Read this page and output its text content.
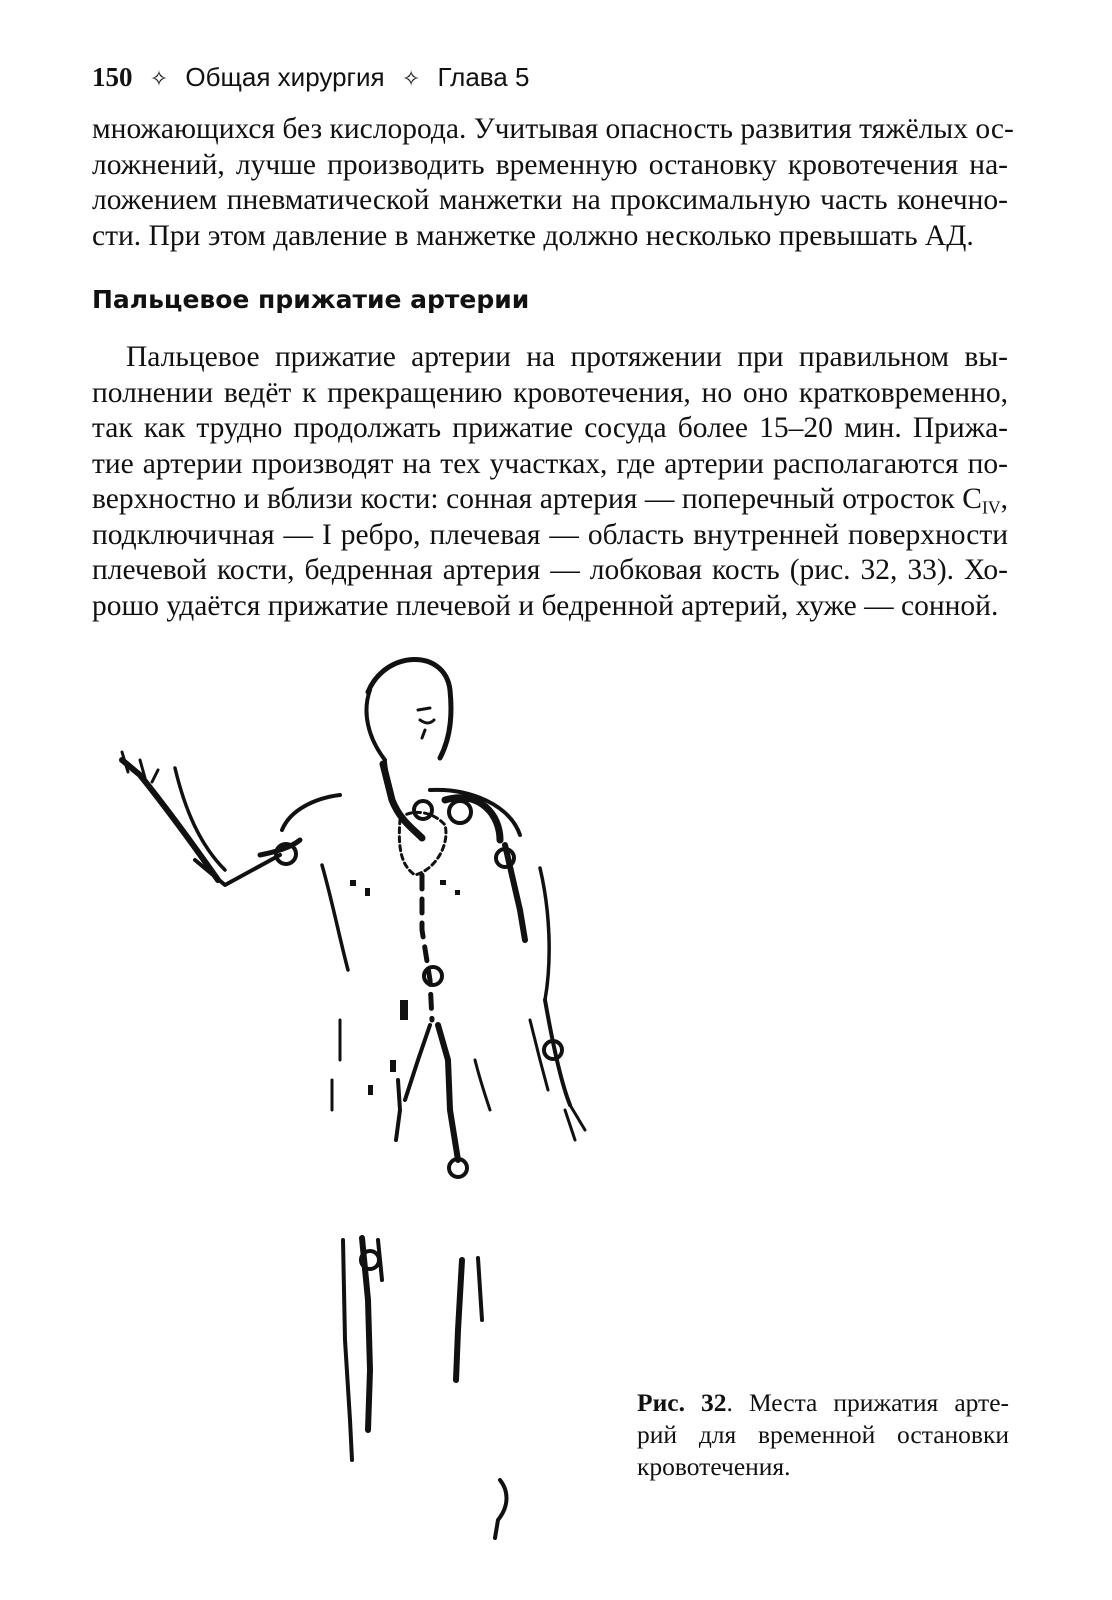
150 ✧ Общая хирургия ✧ Глава 5

множающихся без кислорода. Учитывая опасность развития тяжёлых ос-
ложнений, лучше производить временную остановку кровотечения на-
ложением пневматической манжетки на проксимальную часть конечно-
сти. При этом давление в манжетке должно несколько превышать АД.

Пальцевое прижатие артерии

Пальцевое прижатие артерии на протяжении при правильном вы-
полнении ведёт к прекращению кровотечения, но оно кратковременно,
так как трудно продолжать прижатие сосуда более 15–20 мин. Прижа-
тие артерии производят на тех участках, где артерии располагаются по-
верхностно и вблизи кости: сонная артерия — поперечный отросток $C_{IV}$,
подключичная — I ребро, плечевая — область внутренней поверхности
плечевой кости, бедренная артерия — лобковая кость (рис. 32, 33). Хо-
рошо удаётся прижатие плечевой и бедренной артерий, хуже — сонной.

Рис. 32. Места прижатия арте-
рий для временной остановки
кровотечения.
